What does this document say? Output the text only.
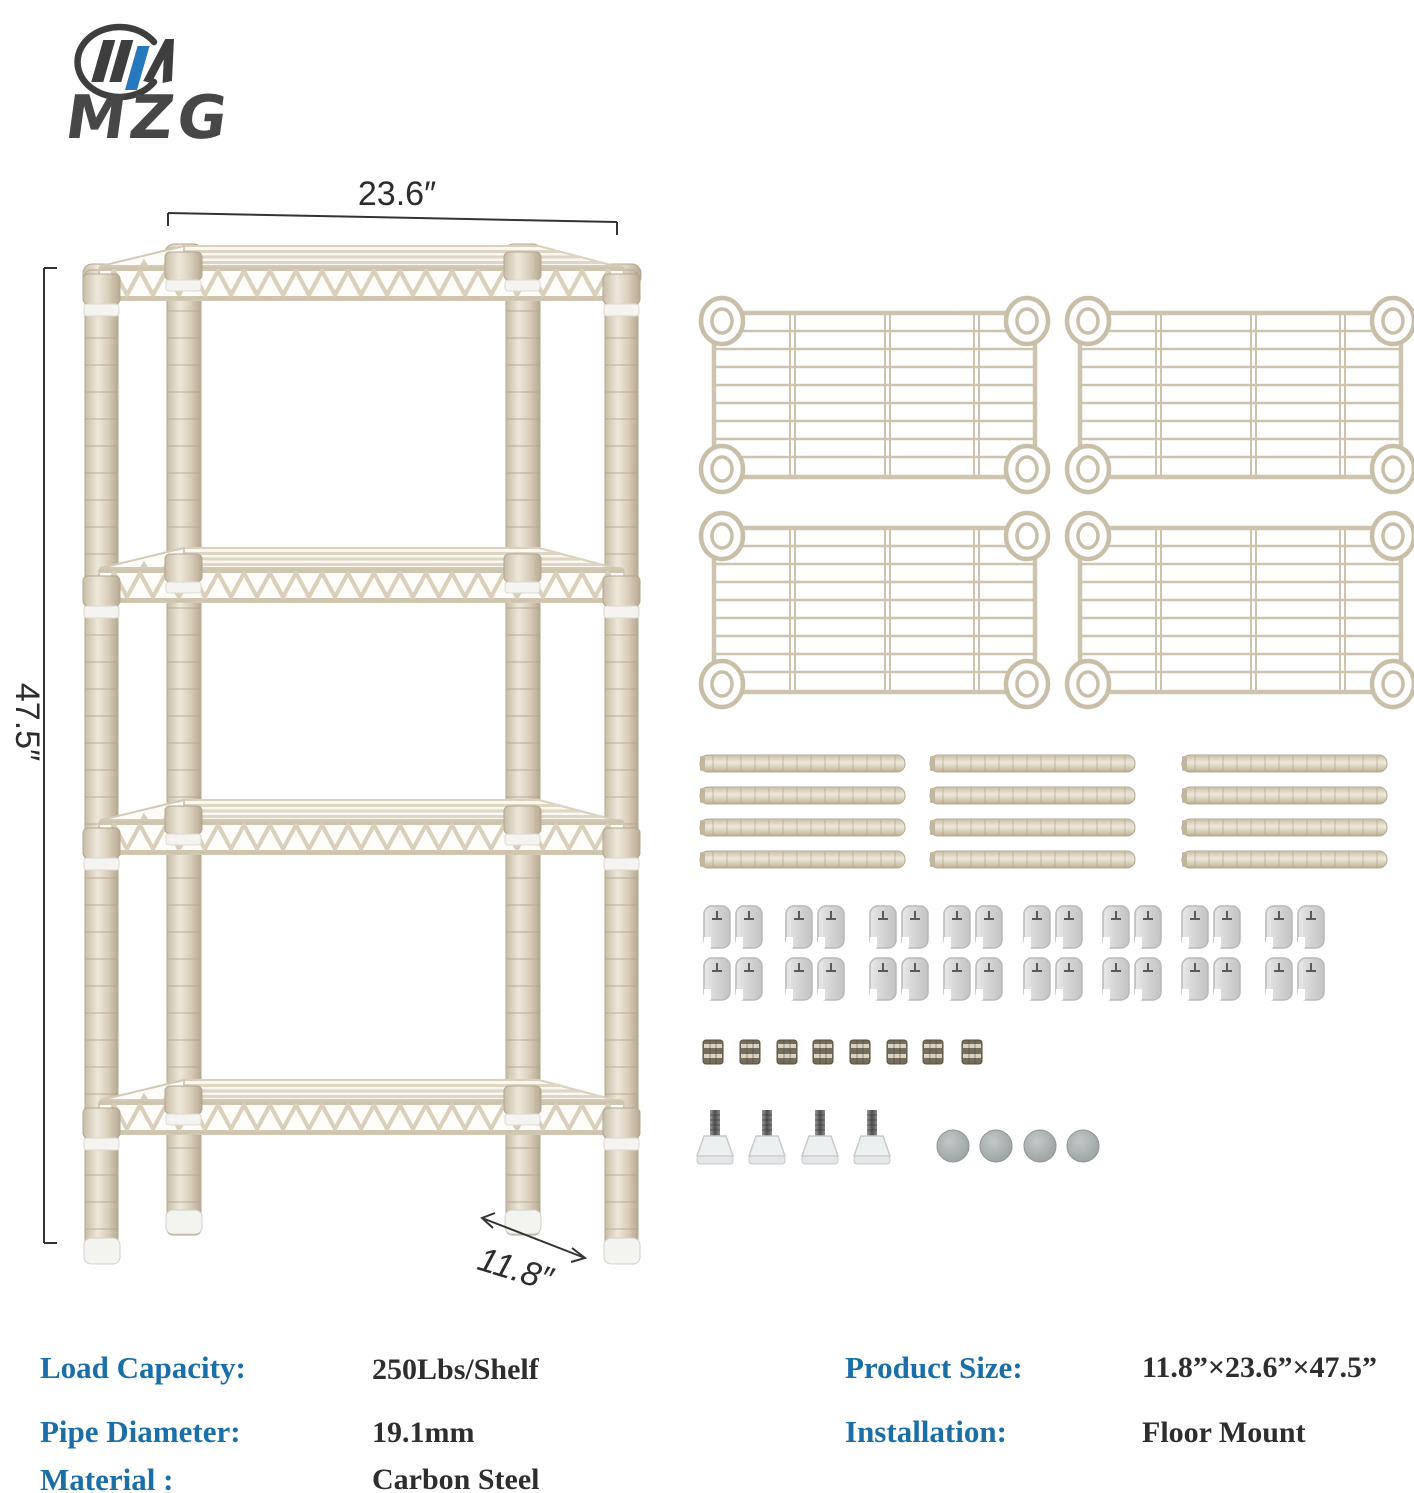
MZG
23.6″
47.5″
11.8″
Load Capacity:	250Lbs/Shelf
Pipe Diameter:	19.1mm
Material :	Carbon Steel
Product Size:	11.8”×23.6”×47.5”
Installation:	Floor Mount
